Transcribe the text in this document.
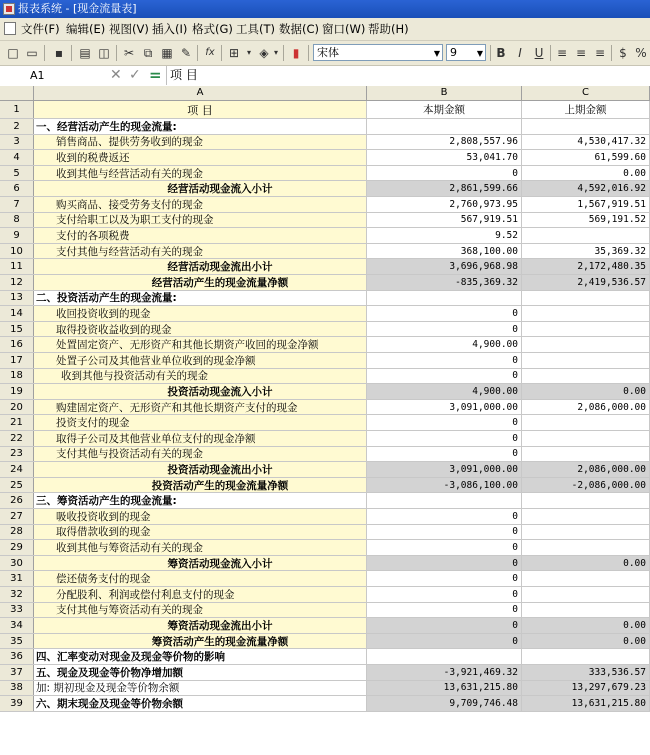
报表系统 - [现金流量表]
文件(F) 编辑(E) 视图(V) 插入(I) 格式(G) 工具(T) 数据(C) 窗口(W) 帮助(H)
□ ▭	▪	▤ ◫	✂ ⧉ ▦ ✎	fx	⊞ ▾ ◈ ▾	▮	宋体	▼ 9 ▼	B	I	U	≡ ≡ ≡	$ %
A1	✕ ✓ = 项 目
A	B	C
1	项 目	本期金额	上期金额
2	一、经营活动产生的现金流量:
3	销售商品、提供劳务收到的现金	2,808,557.96	4,530,417.32
4	收到的税费返还	53,041.70	61,599.60
5	收到其他与经营活动有关的现金	0	0.00
6	经营活动现金流入小计	2,861,599.66	4,592,016.92
7	购买商品、接受劳务支付的现金	2,760,973.95	1,567,919.51
8	支付给职工以及为职工支付的现金	567,919.51	569,191.52
9	支付的各项税费	9.52
10	支付其他与经营活动有关的现金	368,100.00	35,369.32
11	经营活动现金流出小计	3,696,968.98	2,172,480.35
12	经营活动产生的现金流量净额	-835,369.32	2,419,536.57
13	二、投资活动产生的现金流量:
14	收回投资收到的现金	0
15	取得投资收益收到的现金	0
16	处置固定资产、无形资产和其他长期资产收回的现金净额	4,900.00
17	处置子公司及其他营业单位收到的现金净额	0
18	收到其他与投资活动有关的现金	0
19	投资活动现金流入小计	4,900.00	0.00
20	购建固定资产、无形资产和其他长期资产支付的现金	3,091,000.00	2,086,000.00
21	投资支付的现金	0
22	取得子公司及其他营业单位支付的现金净额	0
23	支付其他与投资活动有关的现金	0
24	投资活动现金流出小计	3,091,000.00	2,086,000.00
25	投资活动产生的现金流量净额	-3,086,100.00	-2,086,000.00
26	三、筹资活动产生的现金流量:
27	吸收投资收到的现金	0
28	取得借款收到的现金	0
29	收到其他与筹资活动有关的现金	0
30	筹资活动现金流入小计	0	0.00
31	偿还债务支付的现金	0
32	分配股利、利润或偿付利息支付的现金	0
33	支付其他与筹资活动有关的现金	0
34	筹资活动现金流出小计	0	0.00
35	筹资活动产生的现金流量净额	0	0.00
36	四、汇率变动对现金及现金等价物的影响
37	五、现金及现金等价物净增加额	-3,921,469.32	333,536.57
38	加: 期初现金及现金等价物余额	13,631,215.80	13,297,679.23
39	六、期末现金及现金等价物余额	9,709,746.48	13,631,215.80
